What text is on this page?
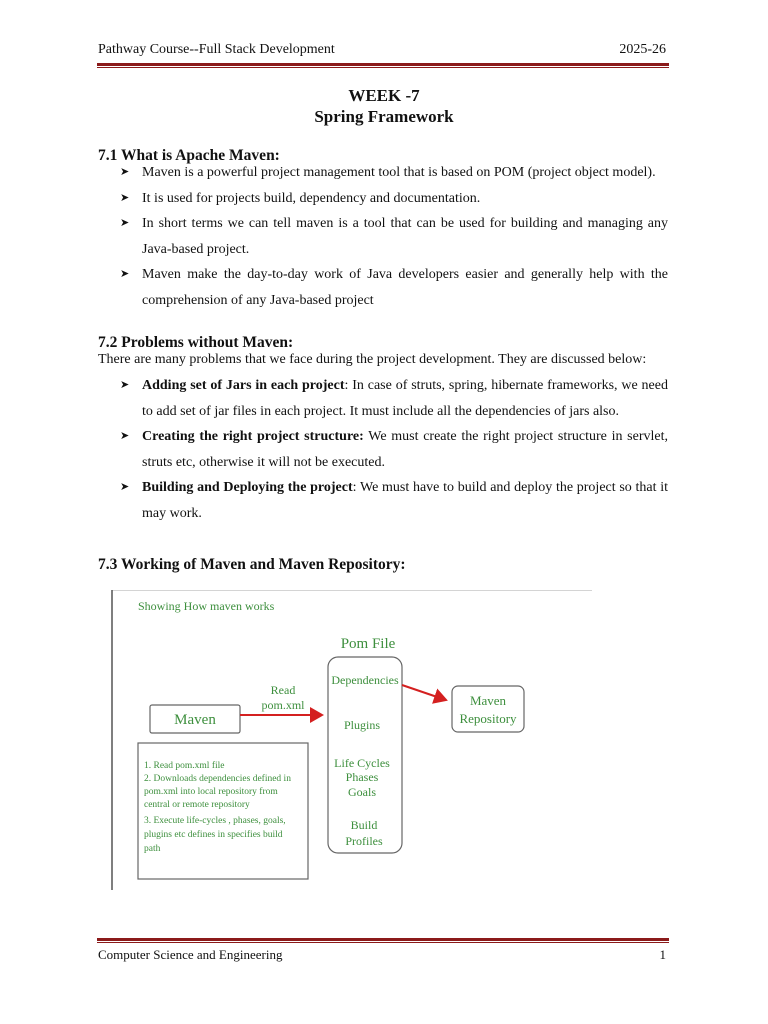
Pathway Course--Full Stack Development	2025-26
WEEK -7
Spring Framework
7.1 What is Apache Maven:
➤ Maven is a powerful project management tool that is based on POM (project object model).
➤ It is used for projects build, dependency and documentation.
➤ In short terms we can tell maven is a tool that can be used for building and managing any Java-based project.
➤ Maven make the day-to-day work of Java developers easier and generally help with the comprehension of any Java-based project
7.2 Problems without Maven:
There are many problems that we face during the project development. They are discussed below:
➤ Adding set of Jars in each project: In case of struts, spring, hibernate frameworks, we need to add set of jar files in each project. It must include all the dependencies of jars also.
➤ Creating the right project structure: We must create the right project structure in servlet, struts etc, otherwise it will not be executed.
➤ Building and Deploying the project: We must have to build and deploy the project so that it may work.
7.3 Working of Maven and Maven Repository:
Showing How maven works
Maven
Read
pom.xml
Pom File
Dependencies
Plugins
Life Cycles
Phases
Goals
Build
Profiles
Maven
Repository
1. Read pom.xml file
2. Downloads dependencies defined in
pom.xml into local repository from
central or remote repository
3. Execute life-cycles , phases, goals,
plugins etc defines in specifies build
path
Computer Science and Engineering	1
